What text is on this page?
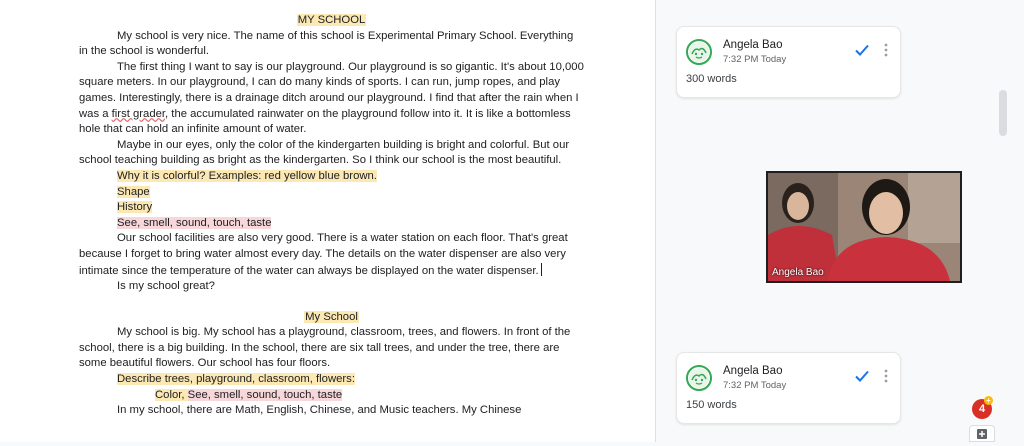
MY SCHOOL

My school is very nice. The name of this school is Experimental Primary School. Everything in the school is wonderful.

The first thing I want to say is our playground. Our playground is so gigantic. It's about 10,000 square meters. In our playground, I can do many kinds of sports. I can run, jump ropes, and play games. Interestingly, there is a drainage ditch around our playground. I find that after the rain when I was a first grader, the accumulated rainwater on the playground follow into it. It is like a bottomless hole that can hold an infinite amount of water.

Maybe in our eyes, only the color of the kindergarten building is bright and colorful. But our school teaching building as bright as the kindergarten. So I think our school is the most beautiful.

Why it is colorful? Examples: red yellow blue brown.

Shape

History

See, smell, sound, touch, taste

Our school facilities are also very good. There is a water station on each floor. That's great because I forget to bring water almost every day. The details on the water dispenser are also very intimate since the temperature of the water can always be displayed on the water dispenser.

Is my school great?

My School

My school is big. My school has a playground, classroom, trees, and flowers. In front of the school, there is a big building. In the school, there are six tall trees, and under the tree, there are some beautiful flowers. Our school has four floors.

Describe trees, playground, classroom, flowers:

Color, See, smell, sound, touch, taste

In my school, there are Math, English, Chinese, and Music teachers. My Chinese

Angela Bao
7:32 PM Today
300 words
Angela Bao
7:32 PM Today
150 words
Angela Bao
4
+
